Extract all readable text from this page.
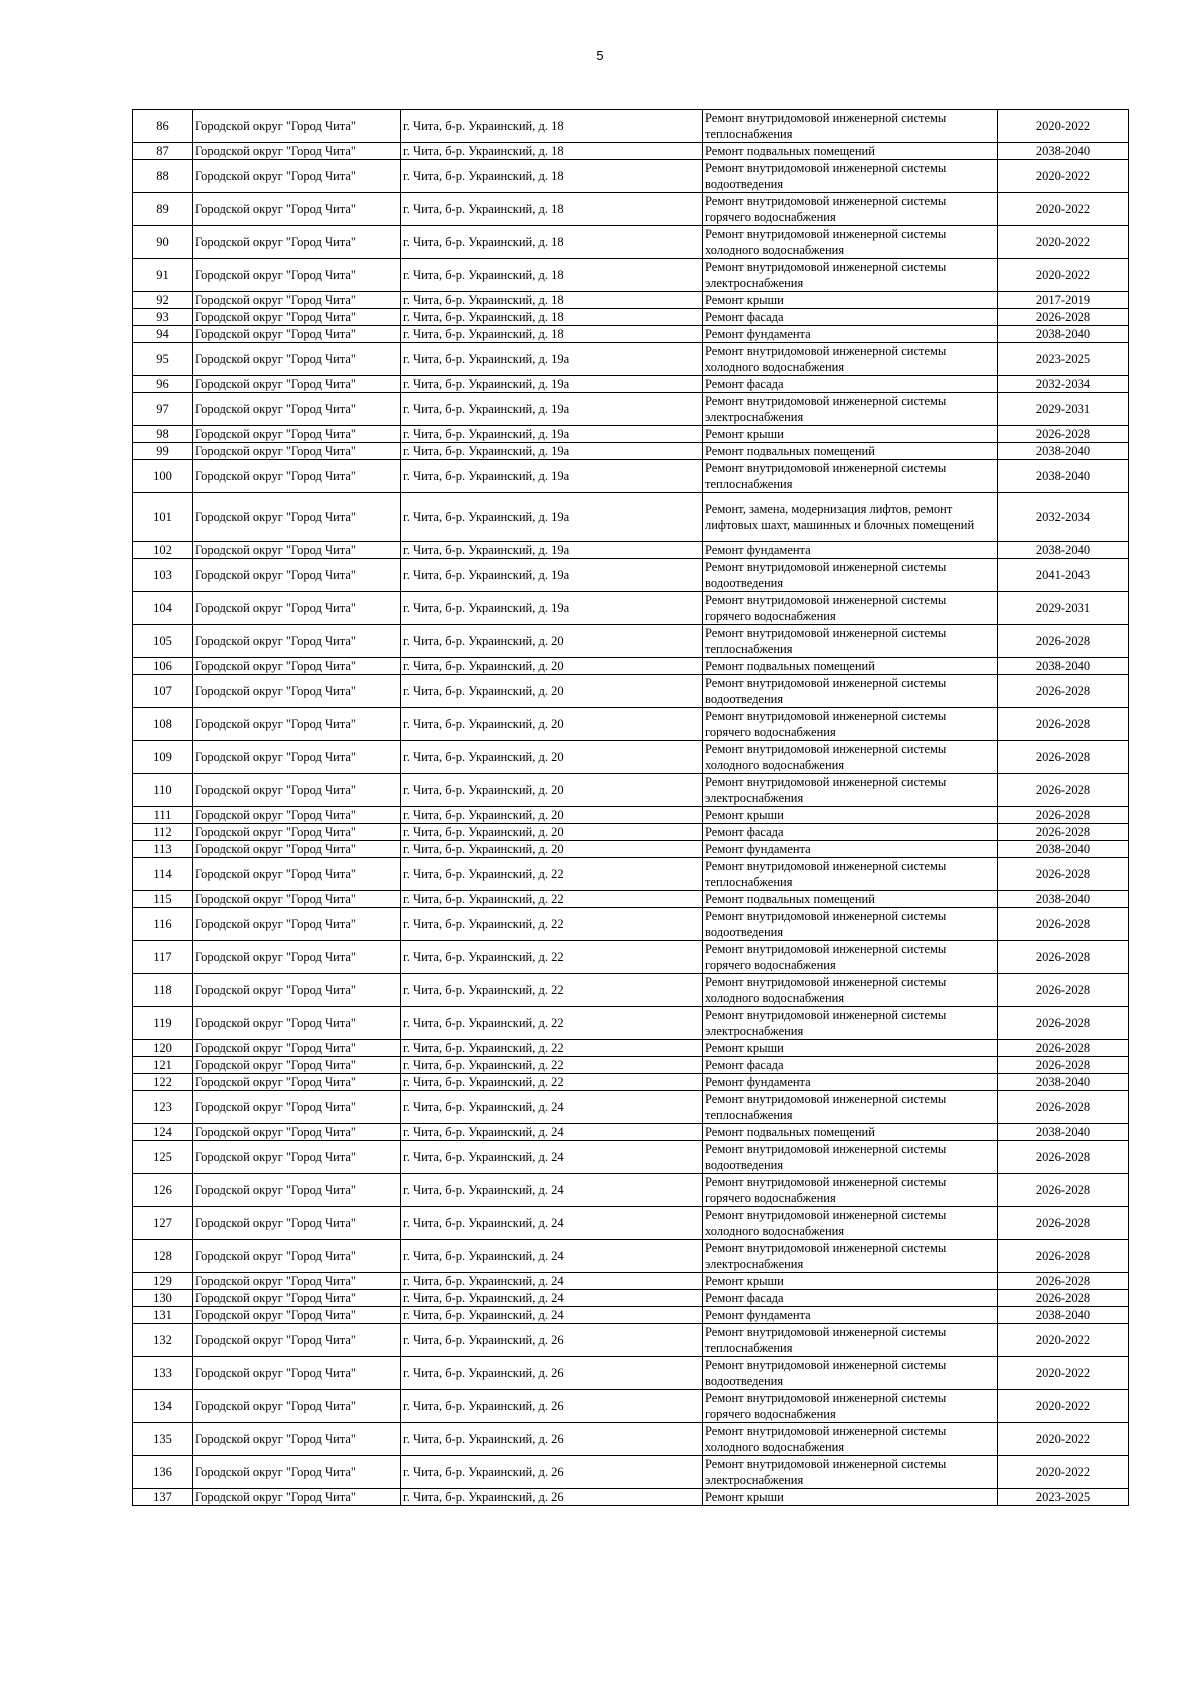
5
86	Городской округ "Город Чита"	г. Чита, б-р. Украинский, д. 18	Ремонт внутридомовой инженерной системы теплоснабжения	2020-2022
87	Городской округ "Город Чита"	г. Чита, б-р. Украинский, д. 18	Ремонт подвальных помещений	2038-2040
88	Городской округ "Город Чита"	г. Чита, б-р. Украинский, д. 18	Ремонт внутридомовой инженерной системы водоотведения	2020-2022
89	Городской округ "Город Чита"	г. Чита, б-р. Украинский, д. 18	Ремонт внутридомовой инженерной системы горячего водоснабжения	2020-2022
90	Городской округ "Город Чита"	г. Чита, б-р. Украинский, д. 18	Ремонт внутридомовой инженерной системы холодного водоснабжения	2020-2022
91	Городской округ "Город Чита"	г. Чита, б-р. Украинский, д. 18	Ремонт внутридомовой инженерной системы электроснабжения	2020-2022
92	Городской округ "Город Чита"	г. Чита, б-р. Украинский, д. 18	Ремонт крыши	2017-2019
93	Городской округ "Город Чита"	г. Чита, б-р. Украинский, д. 18	Ремонт фасада	2026-2028
94	Городской округ "Город Чита"	г. Чита, б-р. Украинский, д. 18	Ремонт фундамента	2038-2040
95	Городской округ "Город Чита"	г. Чита, б-р. Украинский, д. 19а	Ремонт внутридомовой инженерной системы холодного водоснабжения	2023-2025
96	Городской округ "Город Чита"	г. Чита, б-р. Украинский, д. 19а	Ремонт фасада	2032-2034
97	Городской округ "Город Чита"	г. Чита, б-р. Украинский, д. 19а	Ремонт внутридомовой инженерной системы электроснабжения	2029-2031
98	Городской округ "Город Чита"	г. Чита, б-р. Украинский, д. 19а	Ремонт крыши	2026-2028
99	Городской округ "Город Чита"	г. Чита, б-р. Украинский, д. 19а	Ремонт подвальных помещений	2038-2040
100	Городской округ "Город Чита"	г. Чита, б-р. Украинский, д. 19а	Ремонт внутридомовой инженерной системы теплоснабжения	2038-2040
101	Городской округ "Город Чита"	г. Чита, б-р. Украинский, д. 19а	Ремонт, замена, модернизация лифтов, ремонт лифтовых шахт, машинных и блочных помещений	2032-2034
102	Городской округ "Город Чита"	г. Чита, б-р. Украинский, д. 19а	Ремонт фундамента	2038-2040
103	Городской округ "Город Чита"	г. Чита, б-р. Украинский, д. 19а	Ремонт внутридомовой инженерной системы водоотведения	2041-2043
104	Городской округ "Город Чита"	г. Чита, б-р. Украинский, д. 19а	Ремонт внутридомовой инженерной системы горячего водоснабжения	2029-2031
105	Городской округ "Город Чита"	г. Чита, б-р. Украинский, д. 20	Ремонт внутридомовой инженерной системы теплоснабжения	2026-2028
106	Городской округ "Город Чита"	г. Чита, б-р. Украинский, д. 20	Ремонт подвальных помещений	2038-2040
107	Городской округ "Город Чита"	г. Чита, б-р. Украинский, д. 20	Ремонт внутридомовой инженерной системы водоотведения	2026-2028
108	Городской округ "Город Чита"	г. Чита, б-р. Украинский, д. 20	Ремонт внутридомовой инженерной системы горячего водоснабжения	2026-2028
109	Городской округ "Город Чита"	г. Чита, б-р. Украинский, д. 20	Ремонт внутридомовой инженерной системы холодного водоснабжения	2026-2028
110	Городской округ "Город Чита"	г. Чита, б-р. Украинский, д. 20	Ремонт внутридомовой инженерной системы электроснабжения	2026-2028
111	Городской округ "Город Чита"	г. Чита, б-р. Украинский, д. 20	Ремонт крыши	2026-2028
112	Городской округ "Город Чита"	г. Чита, б-р. Украинский, д. 20	Ремонт фасада	2026-2028
113	Городской округ "Город Чита"	г. Чита, б-р. Украинский, д. 20	Ремонт фундамента	2038-2040
114	Городской округ "Город Чита"	г. Чита, б-р. Украинский, д. 22	Ремонт внутридомовой инженерной системы теплоснабжения	2026-2028
115	Городской округ "Город Чита"	г. Чита, б-р. Украинский, д. 22	Ремонт подвальных помещений	2038-2040
116	Городской округ "Город Чита"	г. Чита, б-р. Украинский, д. 22	Ремонт внутридомовой инженерной системы водоотведения	2026-2028
117	Городской округ "Город Чита"	г. Чита, б-р. Украинский, д. 22	Ремонт внутридомовой инженерной системы горячего водоснабжения	2026-2028
118	Городской округ "Город Чита"	г. Чита, б-р. Украинский, д. 22	Ремонт внутридомовой инженерной системы холодного водоснабжения	2026-2028
119	Городской округ "Город Чита"	г. Чита, б-р. Украинский, д. 22	Ремонт внутридомовой инженерной системы электроснабжения	2026-2028
120	Городской округ "Город Чита"	г. Чита, б-р. Украинский, д. 22	Ремонт крыши	2026-2028
121	Городской округ "Город Чита"	г. Чита, б-р. Украинский, д. 22	Ремонт фасада	2026-2028
122	Городской округ "Город Чита"	г. Чита, б-р. Украинский, д. 22	Ремонт фундамента	2038-2040
123	Городской округ "Город Чита"	г. Чита, б-р. Украинский, д. 24	Ремонт внутридомовой инженерной системы теплоснабжения	2026-2028
124	Городской округ "Город Чита"	г. Чита, б-р. Украинский, д. 24	Ремонт подвальных помещений	2038-2040
125	Городской округ "Город Чита"	г. Чита, б-р. Украинский, д. 24	Ремонт внутридомовой инженерной системы водоотведения	2026-2028
126	Городской округ "Город Чита"	г. Чита, б-р. Украинский, д. 24	Ремонт внутридомовой инженерной системы горячего водоснабжения	2026-2028
127	Городской округ "Город Чита"	г. Чита, б-р. Украинский, д. 24	Ремонт внутридомовой инженерной системы холодного водоснабжения	2026-2028
128	Городской округ "Город Чита"	г. Чита, б-р. Украинский, д. 24	Ремонт внутридомовой инженерной системы электроснабжения	2026-2028
129	Городской округ "Город Чита"	г. Чита, б-р. Украинский, д. 24	Ремонт крыши	2026-2028
130	Городской округ "Город Чита"	г. Чита, б-р. Украинский, д. 24	Ремонт фасада	2026-2028
131	Городской округ "Город Чита"	г. Чита, б-р. Украинский, д. 24	Ремонт фундамента	2038-2040
132	Городской округ "Город Чита"	г. Чита, б-р. Украинский, д. 26	Ремонт внутридомовой инженерной системы теплоснабжения	2020-2022
133	Городской округ "Город Чита"	г. Чита, б-р. Украинский, д. 26	Ремонт внутридомовой инженерной системы водоотведения	2020-2022
134	Городской округ "Город Чита"	г. Чита, б-р. Украинский, д. 26	Ремонт внутридомовой инженерной системы горячего водоснабжения	2020-2022
135	Городской округ "Город Чита"	г. Чита, б-р. Украинский, д. 26	Ремонт внутридомовой инженерной системы холодного водоснабжения	2020-2022
136	Городской округ "Город Чита"	г. Чита, б-р. Украинский, д. 26	Ремонт внутридомовой инженерной системы электроснабжения	2020-2022
137	Городской округ "Город Чита"	г. Чита, б-р. Украинский, д. 26	Ремонт крыши	2023-2025
